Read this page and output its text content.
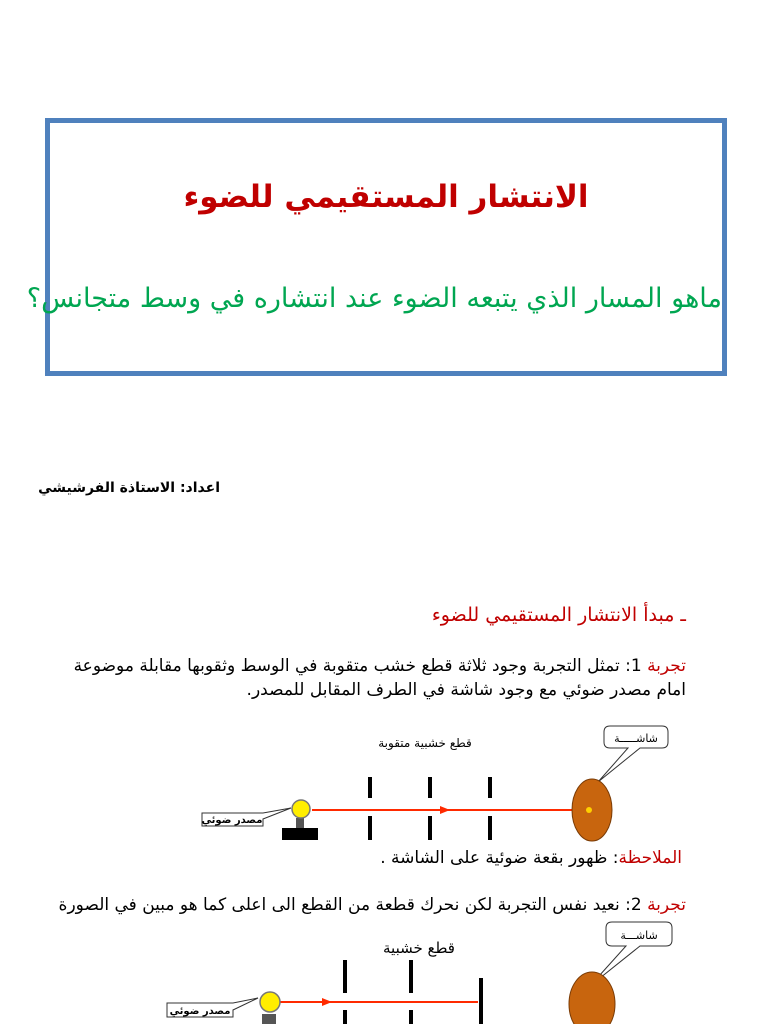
الانتشار المستقيمي للضوء

ماهو المسار الذي يتبعه الضوء عند انتشاره في وسط متجانس؟

اعداد: الاستاذة الفرشيشي
ـ مبدأ الانتشار المستقيمي للضوء
تجربة 1: تمثل التجربة وجود ثلاثة قطع خشب متقوبة في الوسط وثقوبها مقابلة موضوعة امام مصدر ضوئي مع وجود شاشة في الطرف المقابل للمصدر.
قطع خشبية متقوبة	شاشـــــة
مصدر ضوئي
الملاحظة: ظهور بقعة ضوئية على الشاشة .
تجربة 2: نعيد نفس التجربة لكن نحرك قطعة من القطع الى اعلى كما هو مبين في الصورة
قطع خشبية
شاشـــة
مصدر ضوئي
